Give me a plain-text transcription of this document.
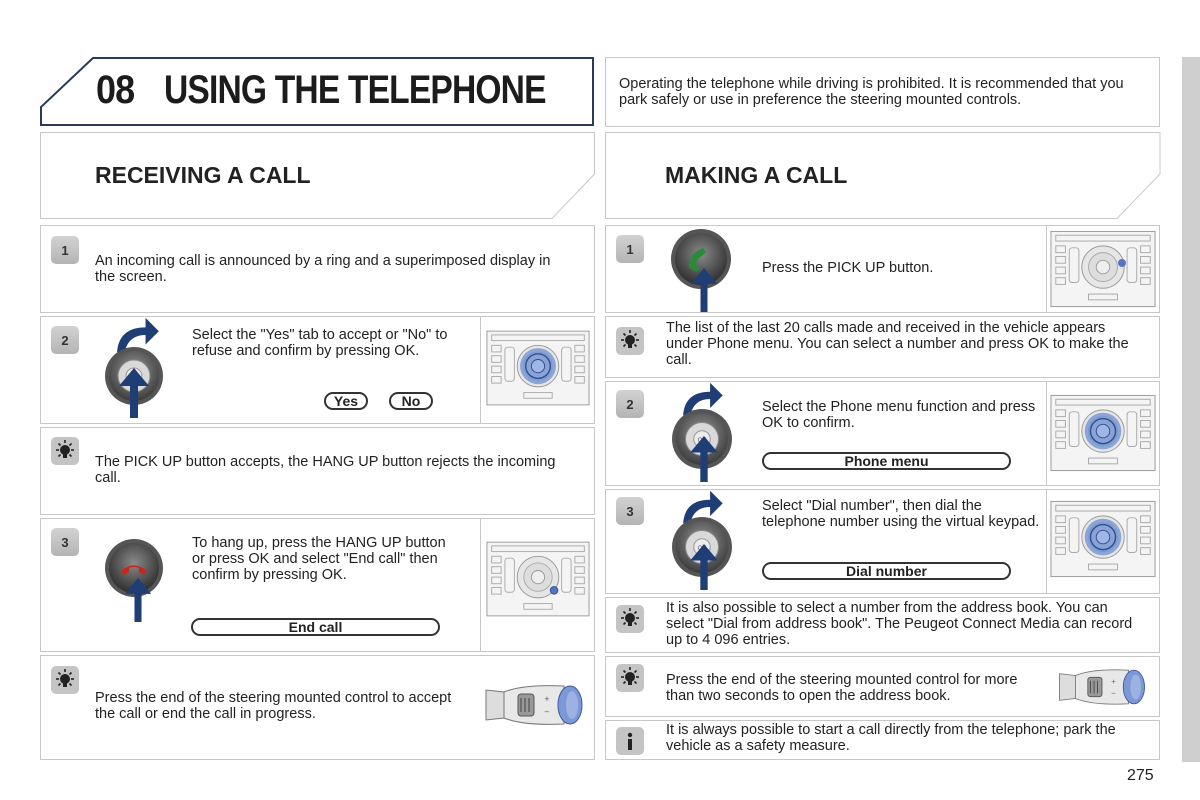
08 USING THE TELEPHONE	Operating the telephone while driving is prohibited. It is recommended that you park safely or use in preference the steering mounted controls.
RECEIVING A CALL	MAKING A CALL
1
An incoming call is announced by a ring and a superimposed display in the screen.
2	Select the "Yes" tab to accept or "No" to refuse and confirm by pressing OK.
Yes	No
The PICK UP button accepts, the HANG UP button rejects the incoming call.
3	To hang up, press the HANG UP button or press OK and select "End call" then confirm by pressing OK.
End call
Press the end of the steering mounted control to accept the call or end the call in progress.
1
Press the PICK UP button.
The list of the last 20 calls made and received in the vehicle appears under Phone menu. You can select a number and press OK to make the call.
2	Select the Phone menu function and press OK to confirm.
Phone menu
3	Select "Dial number", then dial the telephone number using the virtual keypad.
Dial number
It is also possible to select a number from the address book. You can select "Dial from address book". The Peugeot Connect Media can record up to 4 096 entries.
Press the end of the steering mounted control for more than two seconds to open the address book.
It is always possible to start a call directly from the telephone; park the vehicle as a safety measure.
275
